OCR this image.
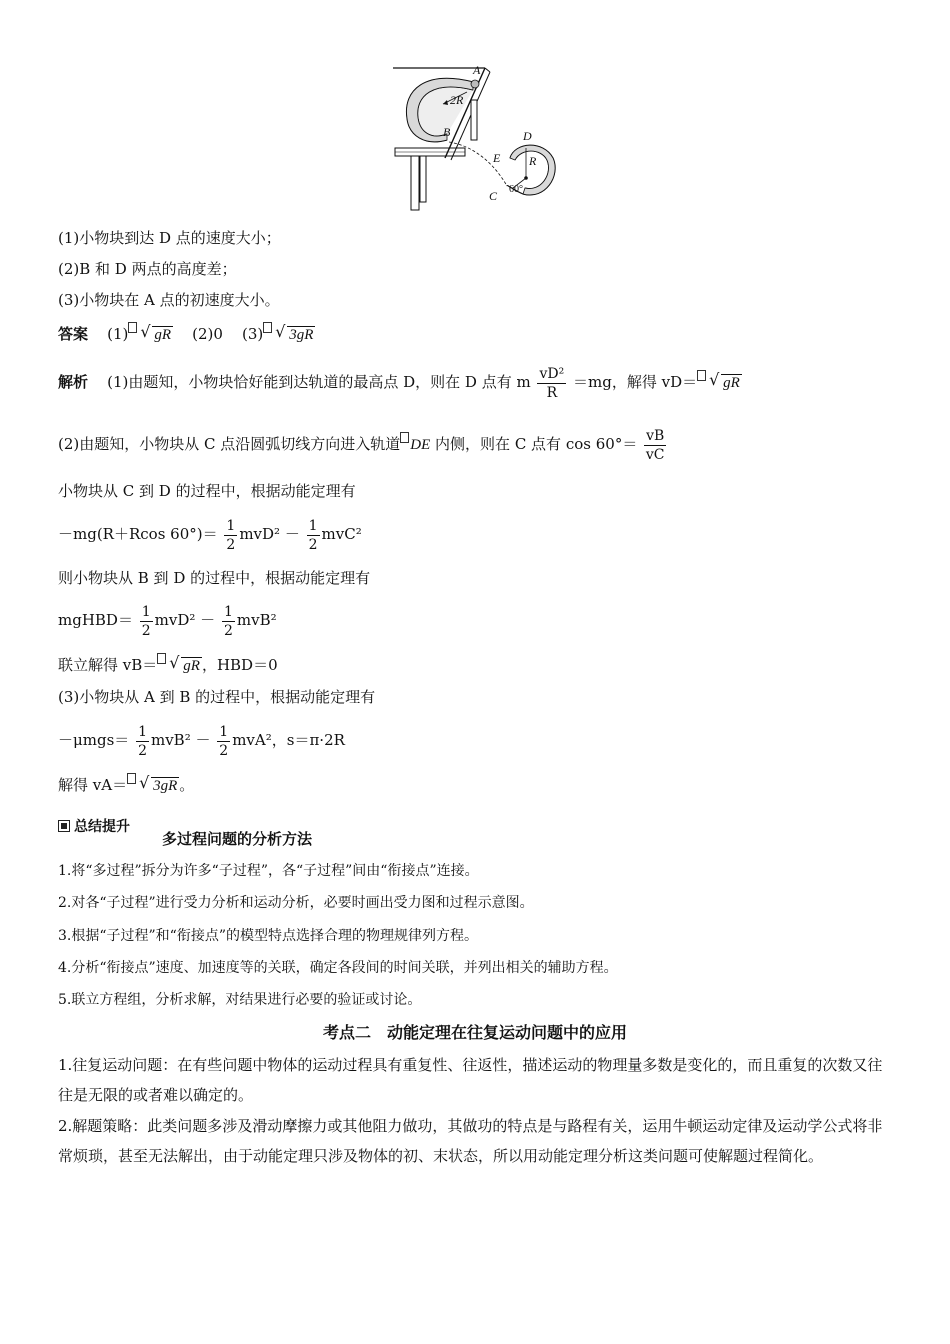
A
2R
B	D
E R
C 60°
(1)小物块到达 D 点的速度大小；
(2)B 和 D 两点的高度差；
(3)小物块在 A 点的初速度大小。
答案 (1) √ gR (2)0 (3) √ 3gR
解析 (1)由题知，小物块恰好能到达轨道的最高点 D，则在 D 点有 m $\frac{\text{vD²}}{R} =mg$，解得 vD＝ √ gR
(2)由题知，小物块从 C 点沿圆弧切线方向进入轨道 DE 内侧，则在 C 点有 $\cos 60^\circ= \frac{vB}{vC}$
小物块从 C 到 D 的过程中，根据动能定理有
－mg(R＋Rcos $60^\circ)= \frac{1}{2} mvD^2 - \frac{1}{2} mvC^2$
则小物块从 B 到 D 的过程中，根据动能定理有
mgHBD＝ $\frac{1}{2} mvD^2 - \frac{1}{2} mvB^2$
联立解得 vB＝ √ gR ，HBD＝0
(3)小物块从 A 到 B 的过程中，根据动能定理有
$-\mu mgs= \frac{1}{2} mvB^2 - \frac{1}{2} mvA^2$，s＝π·2R
解得 vA＝ √ 3gR 。
总结提升
多过程问题的分析方法
1.将“多过程”拆分为许多“子过程”，各“子过程”间由“衔接点”连接。
2.对各“子过程”进行受力分析和运动分析，必要时画出受力图和过程示意图。
3.根据“子过程”和“衔接点”的模型特点选择合理的物理规律列方程。
4.分析“衔接点”速度、加速度等的关联，确定各段间的时间关联，并列出相关的辅助方程。
5.联立方程组，分析求解，对结果进行必要的验证或讨论。
考点二　动能定理在往复运动问题中的应用
1.往复运动问题：在有些问题中物体的运动过程具有重复性、往返性，描述运动的物理量多数是变化的，而且重复的次数又往往是无限的或者难以确定的。
2.解题策略：此类问题多涉及滑动摩擦力或其他阻力做功，其做功的特点是与路程有关，运用牛顿运动定律及运动学公式将非常烦琐，甚至无法解出，由于动能定理只涉及物体的初、末状态，所以用动能定理分析这类问题可使解题过程简化。
